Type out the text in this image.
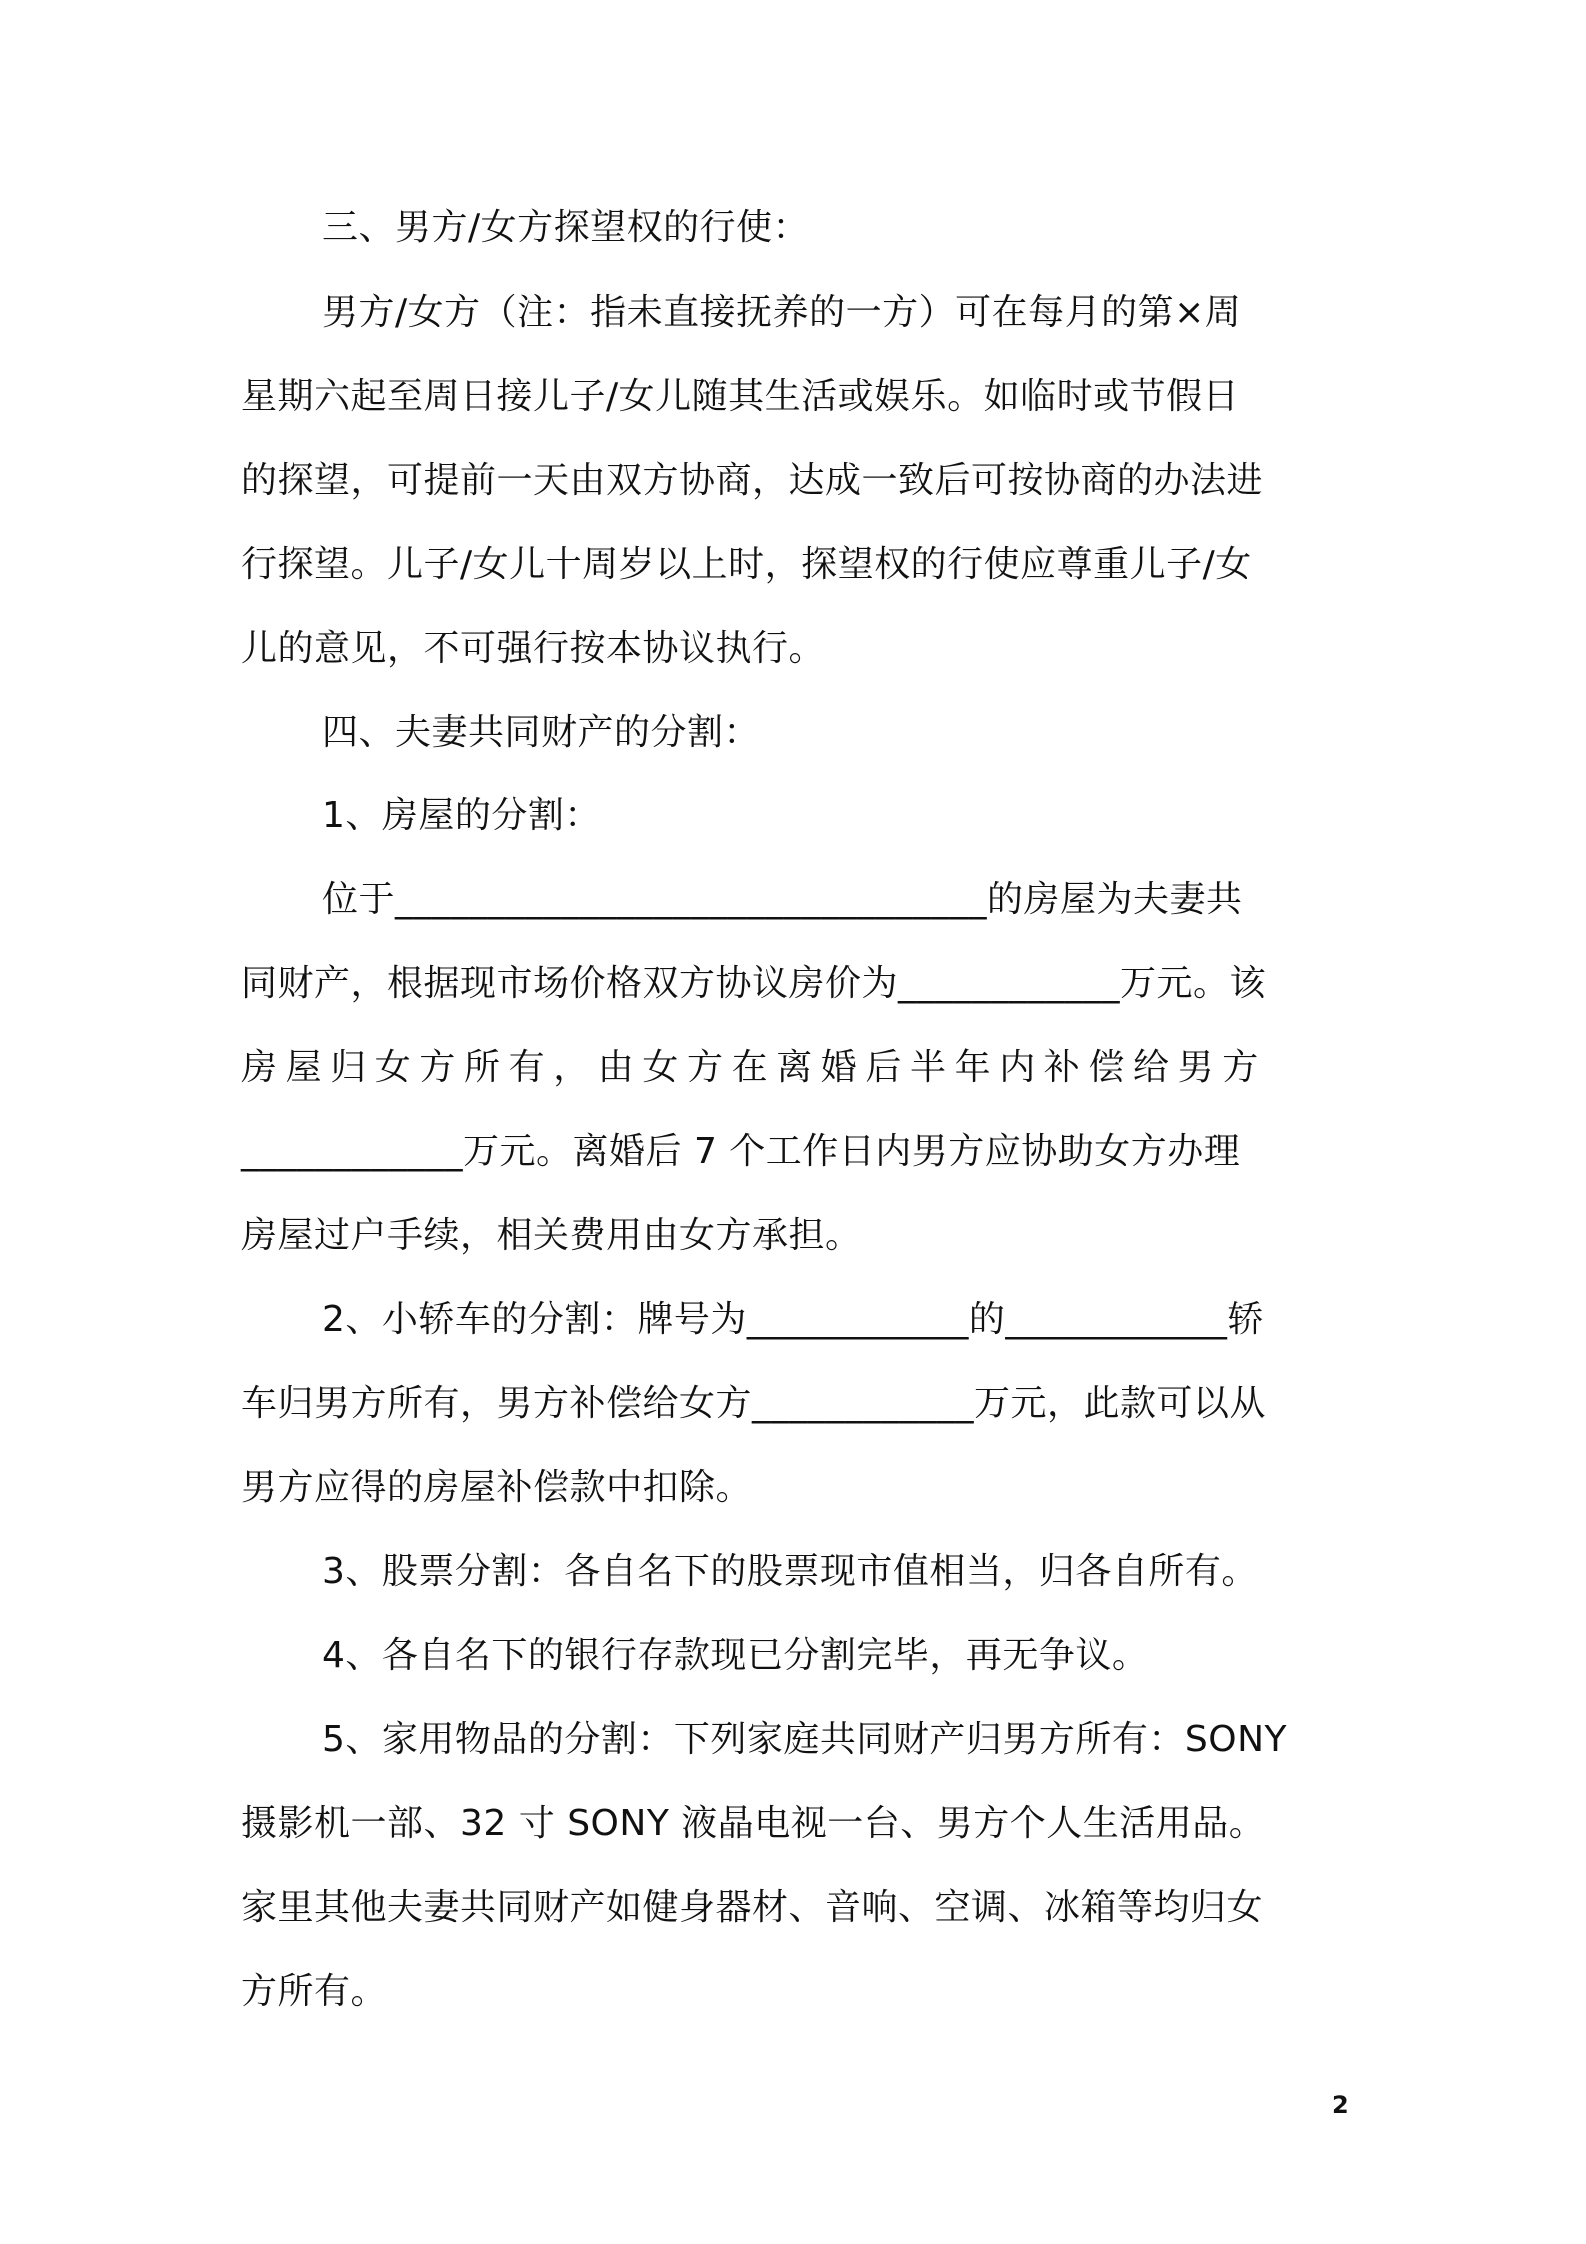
三、男方/女方探望权的行使：
男方/女方（注：指未直接抚养的一方）可在每月的第×周
星期六起至周日接儿子/女儿随其生活或娱乐。如临时或节假日
的探望，可提前一天由双方协商，达成一致后可按协商的办法进
行探望。儿子/女儿十周岁以上时，探望权的行使应尊重儿子/女
儿的意见，不可强行按本协议执行。
四、夫妻共同财产的分割：
1、房屋的分割：
位于________________________________的房屋为夫妻共
同财产，根据现市场价格双方协议房价为____________万元。该
房屋归女方所有，由女方在离婚后半年内补偿给男方
____________万元。离婚后 7 个工作日内男方应协助女方办理
房屋过户手续，相关费用由女方承担。
2、小轿车的分割：牌号为____________的____________轿
车归男方所有，男方补偿给女方____________万元，此款可以从
男方应得的房屋补偿款中扣除。
3、股票分割：各自名下的股票现市值相当，归各自所有。
4、各自名下的银行存款现已分割完毕，再无争议。
5、家用物品的分割：下列家庭共同财产归男方所有：SONY
摄影机一部、32 寸 SONY 液晶电视一台、男方个人生活用品。
家里其他夫妻共同财产如健身器材、音响、空调、冰箱等均归女
方所有。
2
